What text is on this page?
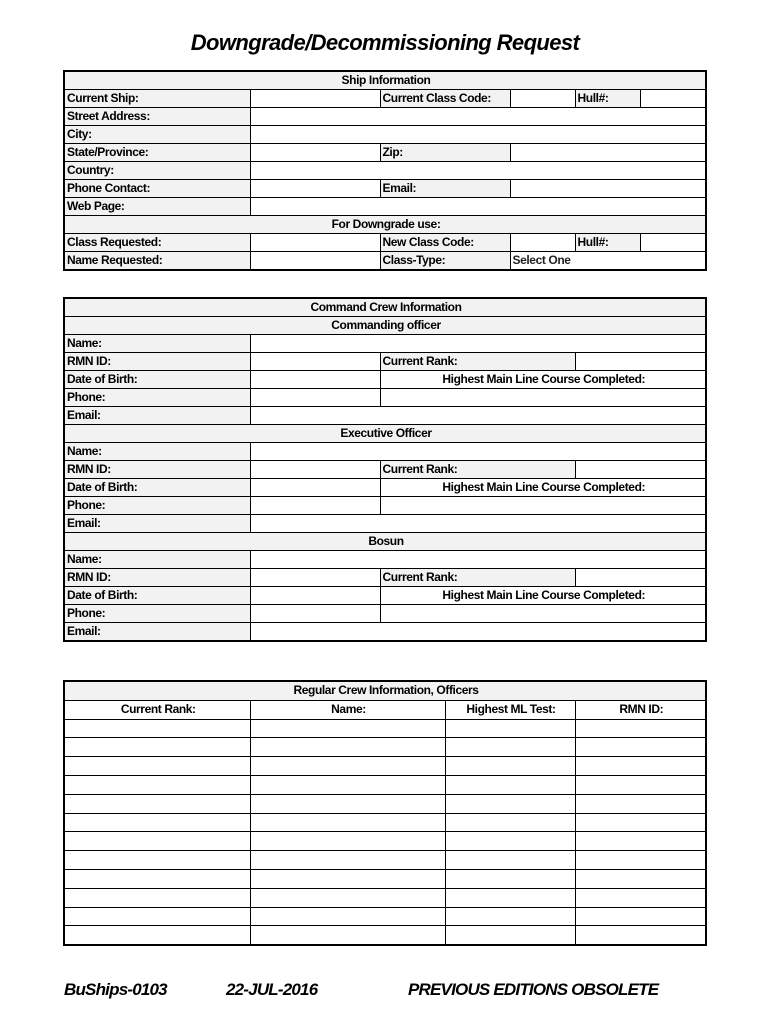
Downgrade/Decommissioning Request
Ship Information					
Current Ship:		Current Class Code:		Hull#:	
Street Address:					
City:					
State/Province:		Zip:			
Country:					
Phone Contact:		Email:			
Web Page:					
For Downgrade use:					
Class Requested:		New Class Code:		Hull#:	
Name Requested:		Class-Type:	Select One		
Command Crew Information			
Commanding officer			
Name:			
RMN ID:		Current Rank:	
Date of Birth:		Highest Main Line Course Completed:	
Phone:			
Email:			
Executive Officer			
Name:			
RMN ID:		Current Rank:	
Date of Birth:		Highest Main Line Course Completed:	
Phone:			
Email:			
Bosun			
Name:			
RMN ID:		Current Rank:	
Date of Birth:		Highest Main Line Course Completed:	
Phone:			
Email:			
Regular Crew Information, Officers			
Current Rank:	Name:	Highest ML Test:	RMN ID:

BuShips-0103	22-JUL-2016	PREVIOUS EDITIONS OBSOLETE
